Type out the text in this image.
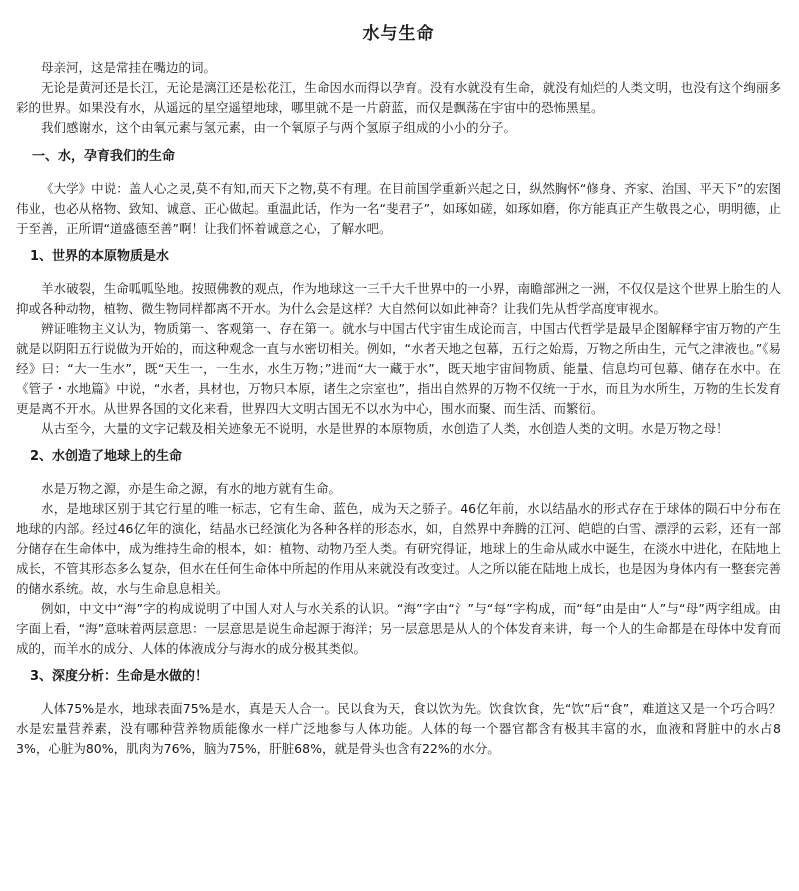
水与生命

母亲河，这是常挂在嘴边的词。

无论是黄河还是长江，无论是漓江还是松花江，生命因水而得以孕育。没有水就没有生命，就没有灿烂的人类文明，也没有这个绚丽多彩的世界。如果没有水，从遥远的星空遥望地球，哪里就不是一片蔚蓝，而仅是飘荡在宇宙中的恐怖黑星。

我们感谢水，这个由氧元素与氢元素，由一个氧原子与两个氢原子组成的小小的分子。

一、水，孕育我们的生命

《大学》中说：盖人心之灵,莫不有知,而天下之物,莫不有理。在目前国学重新兴起之日，纵然胸怀“修身、齐家、治国、平天下”的宏图伟业，也必从格物、致知、诚意、正心做起。重温此话，作为一名“斐君子”，如琢如磋，如琢如磨，你方能真正产生敬畏之心，明明德，止于至善，正所谓“道盛德至善”啊！让我们怀着诚意之心，了解水吧。

1、世界的本原物质是水

羊水破裂，生命呱呱坠地。按照佛教的观点，作为地球这一三千大千世界中的一小界，南瞻部洲之一洲，不仅仅是这个世界上胎生的人抑或各种动物，植物、微生物同样都离不开水。为什么会是这样？大自然何以如此神奇？让我们先从哲学高度审视水。

辨证唯物主义认为，物质第一、客观第一、存在第一。就水与中国古代宇宙生成论而言，中国古代哲学是最早企图解释宇宙万物的产生就是以阴阳五行说做为开始的，而这种观念一直与水密切相关。例如，“水者天地之包幕，五行之始焉，万物之所由生，元气之津液也。”《易经》曰：“大一生水”，既“天生一，一生水，水生万物；”进而“大一藏于水”，既天地宇宙间物质、能量、信息均可包幕、储存在水中。在《管子・水地篇》中说，“水者，具材也，万物只本原，诸生之宗室也”，指出自然界的万物不仅统一于水，而且为水所生，万物的生长发育更是离不开水。从世界各国的文化来看，世界四大文明古国无不以水为中心，围水而聚、而生活、而繁衍。

从古至今，大量的文字记载及相关迹象无不说明，水是世界的本原物质，水创造了人类，水创造人类的文明。水是万物之母！

2、水创造了地球上的生命

水是万物之源，亦是生命之源，有水的地方就有生命。

水，是地球区别于其它行星的唯一标志，它有生命、蓝色，成为天之骄子。46亿年前，水以结晶水的形式存在于球体的陨石中分布在地球的内部。经过46亿年的演化，结晶水已经演化为各种各样的形态水，如，自然界中奔腾的江河、皑皑的白雪、漂浮的云彩，还有一部分储存在生命体中，成为维持生命的根本，如：植物、动物乃至人类。有研究得证，地球上的生命从咸水中诞生，在淡水中进化，在陆地上成长，不管其形态多么复杂，但水在任何生命体中所起的作用从来就没有改变过。人之所以能在陆地上成长，也是因为身体内有一整套完善的储水系统。故，水与生命息息相关。

例如，中文中“海”字的构成说明了中国人对人与水关系的认识。“海”字由“氵”与“每”字构成，而“每”由是由“人”与“母”两字组成。由字面上看，“海”意味着两层意思：一层意思是说生命起源于海洋；另一层意思是从人的个体发育来讲，每一个人的生命都是在母体中发育而成的，而羊水的成分、人体的体液成分与海水的成分极其类似。

3、深度分析：生命是水做的！

人体75%是水，地球表面75%是水，真是天人合一。民以食为天，食以饮为先。饮食饮食，先“饮”后“食”，难道这又是一个巧合吗？水是宏量营养素，没有哪种营养物质能像水一样广泛地参与人体功能。人体的每一个器官都含有极其丰富的水，血液和肾脏中的水占83%，心脏为80%，肌肉为76%，脑为75%，肝脏68%，就是骨头也含有22%的水分。
